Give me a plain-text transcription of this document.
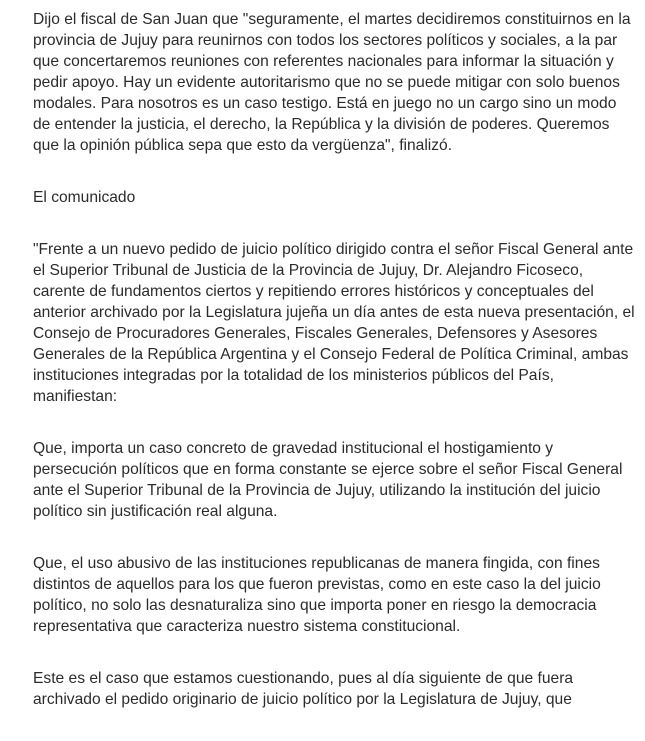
Dijo el fiscal de San Juan que "seguramente, el martes decidiremos constituirnos en la provincia de Jujuy para reunirnos con todos los sectores políticos y sociales, a la par que concertaremos reuniones con referentes nacionales para informar la situación y pedir apoyo. Hay un evidente autoritarismo que no se puede mitigar con solo buenos modales. Para nosotros es un caso testigo. Está en juego no un cargo sino un modo de entender la justicia, el derecho, la República y la división de poderes. Queremos que la opinión pública sepa que esto da vergüenza", finalizó.

El comunicado

"Frente a un nuevo pedido de juicio político dirigido contra el señor Fiscal General ante el Superior Tribunal de Justicia de la Provincia de Jujuy, Dr. Alejandro Ficoseco, carente de fundamentos ciertos y repitiendo errores históricos y conceptuales del anterior archivado por la Legislatura jujeña un día antes de esta nueva presentación, el Consejo de Procuradores Generales, Fiscales Generales, Defensores y Asesores Generales de la República Argentina y el Consejo Federal de Política Criminal, ambas instituciones integradas por la totalidad de los ministerios públicos del País, manifiestan:

Que, importa un caso concreto de gravedad institucional el hostigamiento y persecución políticos que en forma constante se ejerce sobre el señor Fiscal General ante el Superior Tribunal de la Provincia de Jujuy, utilizando la institución del juicio político sin justificación real alguna.

Que, el uso abusivo de las instituciones republicanas de manera fingida, con fines distintos de aquellos para los que fueron previstas, como en este caso la del juicio político, no solo las desnaturaliza sino que importa poner en riesgo la democracia representativa que caracteriza nuestro sistema constitucional.

Este es el caso que estamos cuestionando, pues al día siguiente de que fuera archivado el pedido originario de juicio político por la Legislatura de Jujuy, que
